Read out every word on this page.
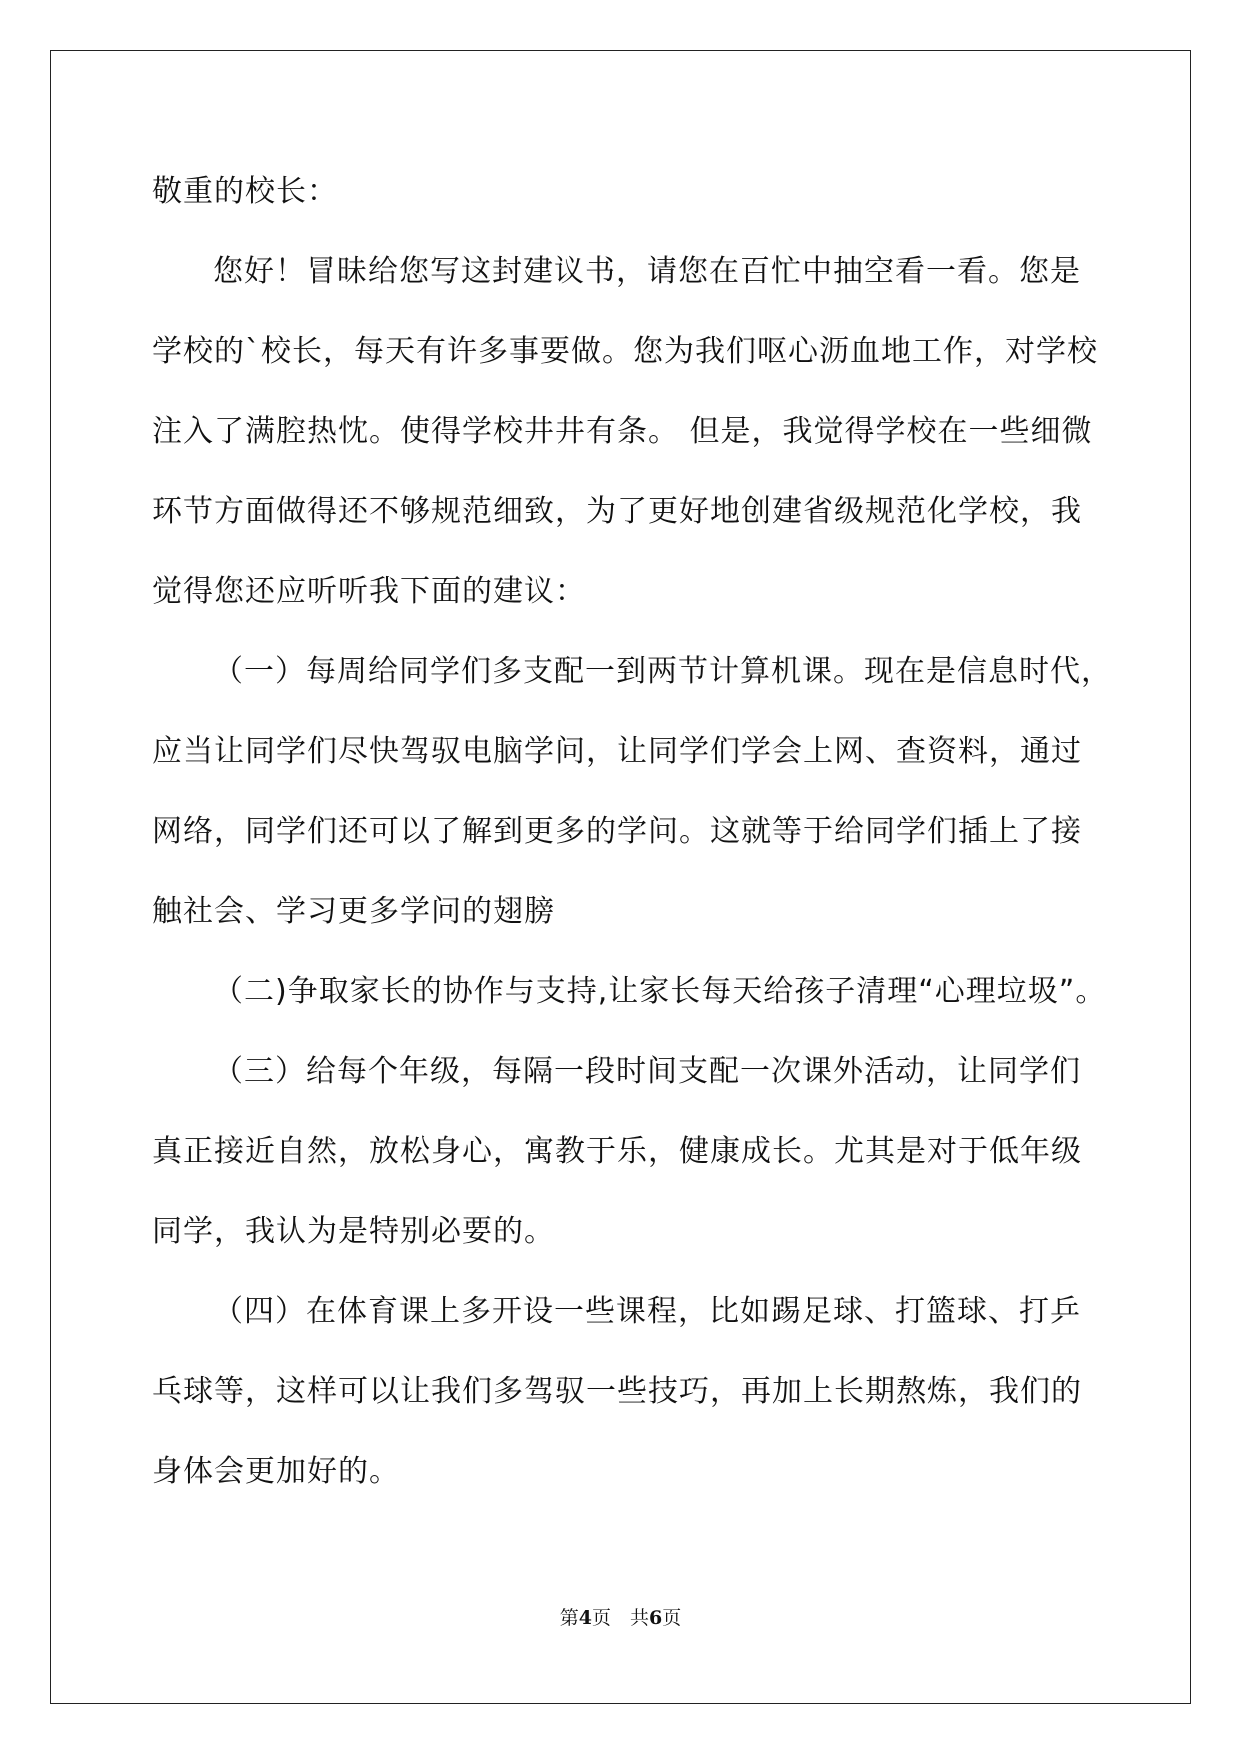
敬重的校长：
您好！冒昧给您写这封建议书，请您在百忙中抽空看一看。您是
学校的`校长，每天有许多事要做。您为我们呕心沥血地工作，对学校
注入了满腔热忱。使得学校井井有条。 但是，我觉得学校在一些细微
环节方面做得还不够规范细致，为了更好地创建省级规范化学校，我
觉得您还应听听我下面的建议：
（一）每周给同学们多支配一到两节计算机课。现在是信息时代，
应当让同学们尽快驾驭电脑学问，让同学们学会上网、查资料，通过
网络，同学们还可以了解到更多的学问。这就等于给同学们插上了接
触社会、学习更多学问的翅膀
（二)争取家长的协作与支持,让家长每天给孩子清理“心理垃圾”。
（三）给每个年级，每隔一段时间支配一次课外活动，让同学们
真正接近自然，放松身心，寓教于乐，健康成长。尤其是对于低年级
同学，我认为是特别必要的。
（四）在体育课上多开设一些课程，比如踢足球、打篮球、打乒
乓球等，这样可以让我们多驾驭一些技巧，再加上长期熬炼，我们的
身体会更加好的。
第4页　共6页
